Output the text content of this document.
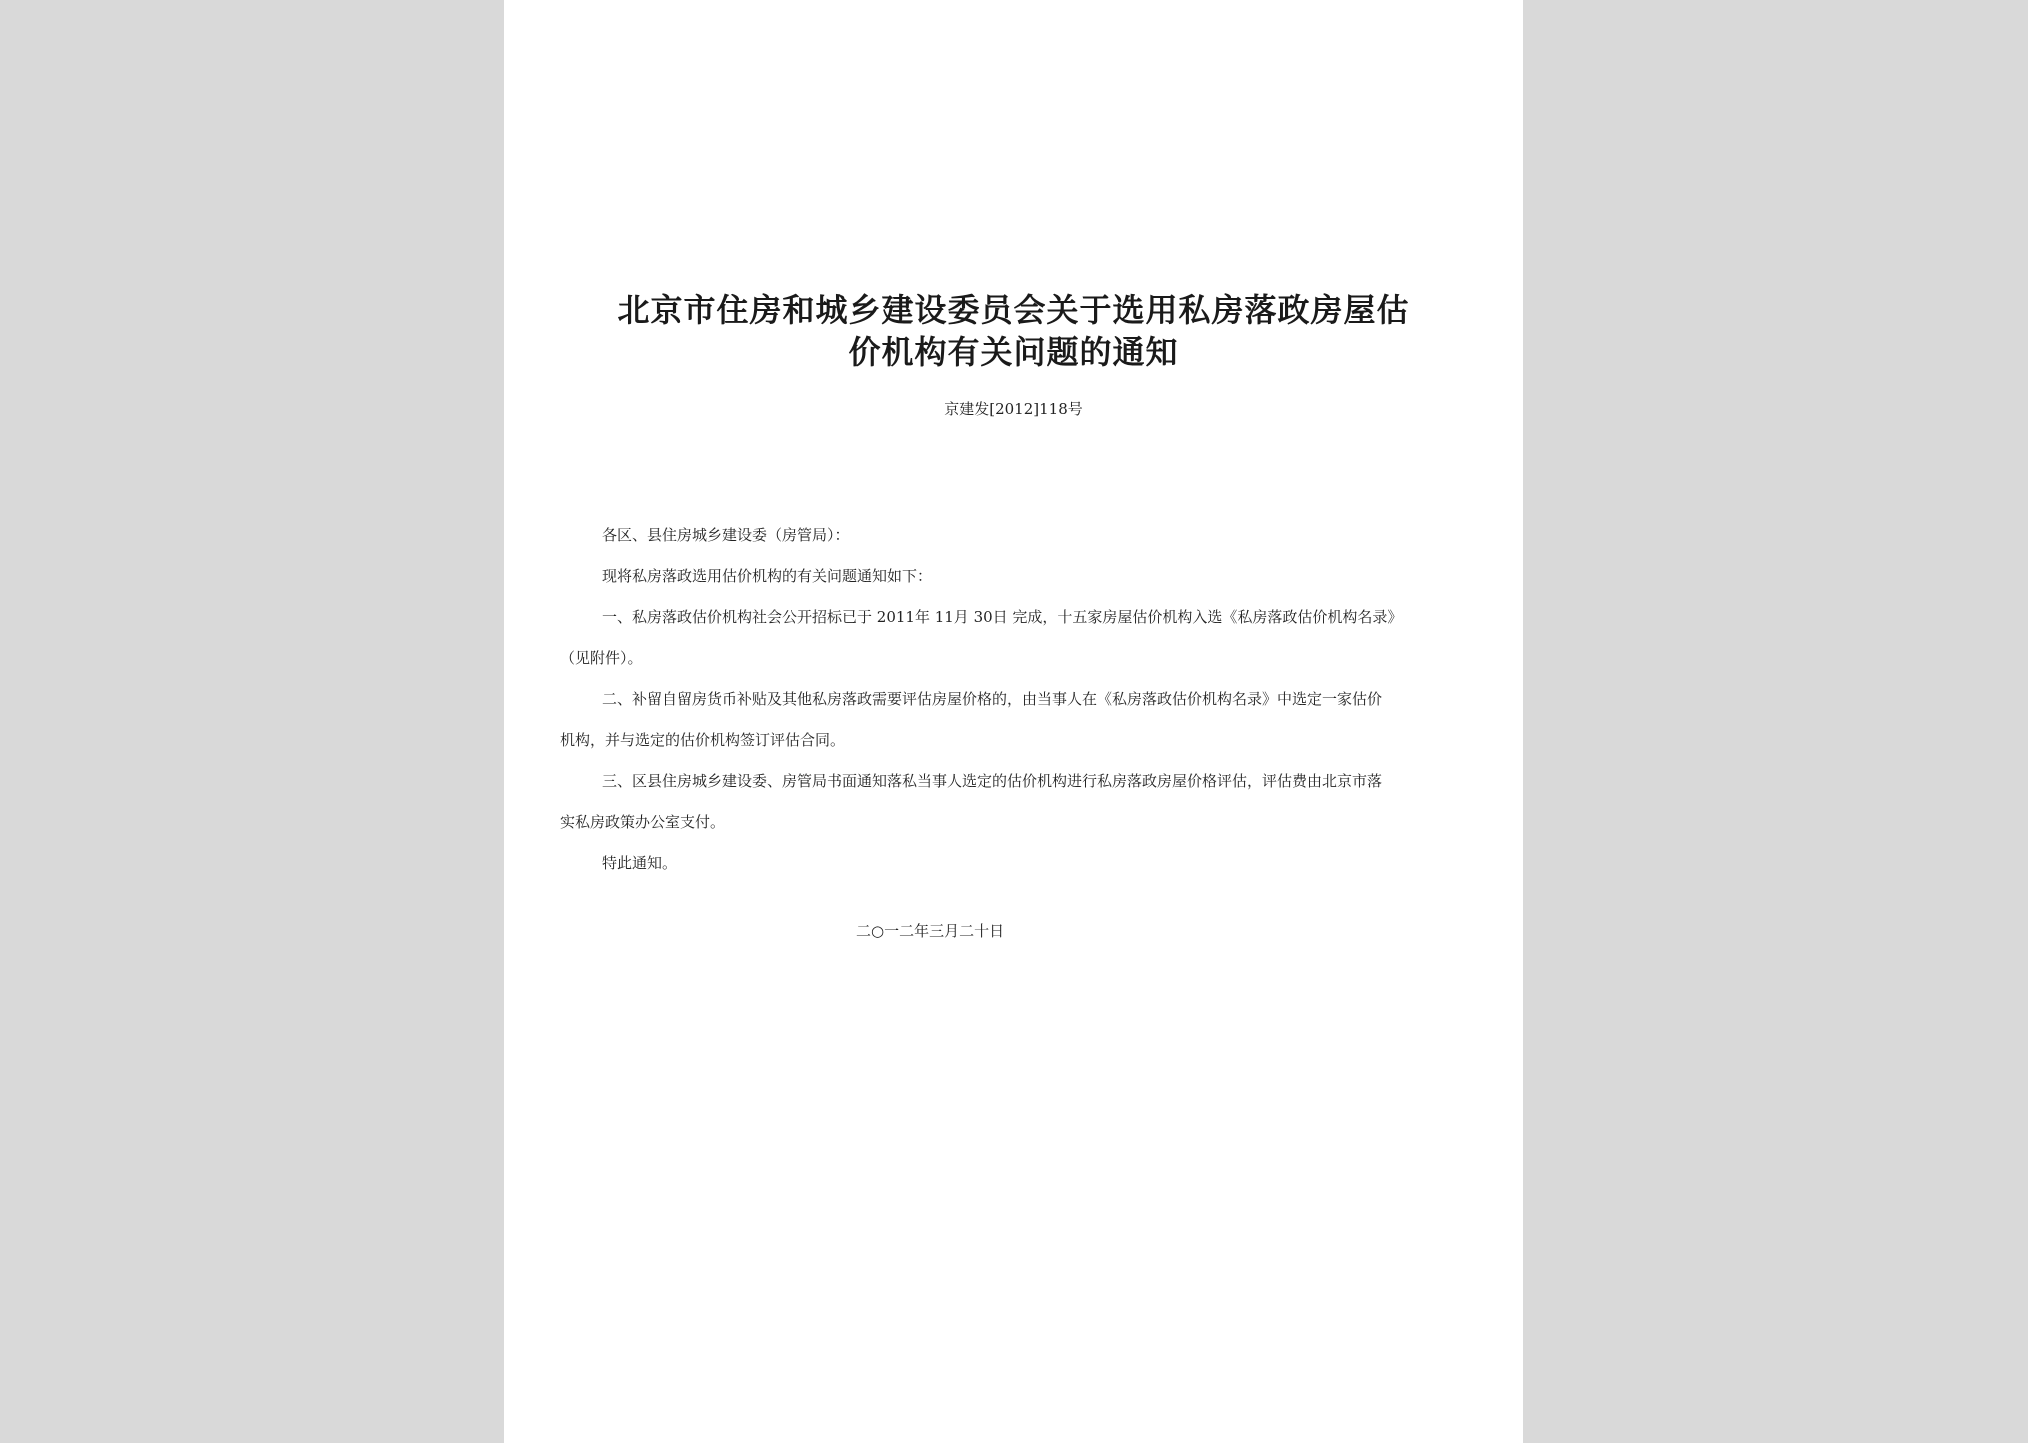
北京市住房和城乡建设委员会关于选用私房落政房屋估
价机构有关问题的通知
京建发[2012]118号
各区、县住房城乡建设委（房管局）：
现将私房落政选用估价机构的有关问题通知如下：
一、私房落政估价机构社会公开招标已于 2011年 11月 30日 完成，十五家房屋估价机构入选《私房落政估价机构名录》
（见附件）。
二、补留自留房货币补贴及其他私房落政需要评估房屋价格的，由当事人在《私房落政估价机构名录》中选定一家估价
机构，并与选定的估价机构签订评估合同。
三、区县住房城乡建设委、房管局书面通知落私当事人选定的估价机构进行私房落政房屋价格评估，评估费由北京市落
实私房政策办公室支付。
特此通知。
二○一二年三月二十日
